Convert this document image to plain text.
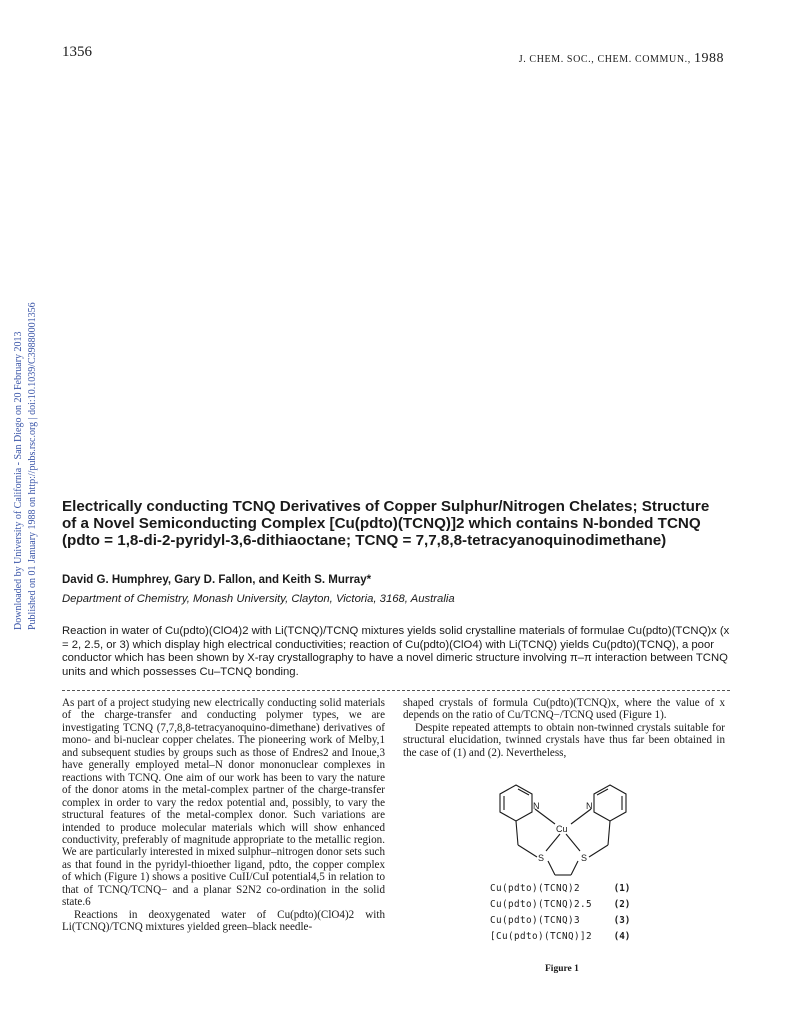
1356	J. CHEM. SOC., CHEM. COMMUN., 1988
Downloaded by University of California - San Diego on 20 February 2013 Published on 01 January 1988 on http://pubs.rsc.org | doi:10.1039/C39880001356 Electrically conducting TCNQ Derivatives of Copper Sulphur/Nitrogen Chelates; Structure of a Novel Semiconducting Complex [Cu(pdto)(TCNQ)]2 which contains N-bonded TCNQ (pdto = 1,8-di-2-pyridyl-3,6-dithiaoctane; TCNQ = 7,7,8,8-tetracyanoquinodimethane)
David G. Humphrey, Gary D. Fallon, and Keith S. Murray*
Department of Chemistry, Monash University, Clayton, Victoria, 3168, Australia
Reaction in water of Cu(pdto)(ClO4)2 with Li(TCNQ)/TCNQ mixtures yields solid crystalline materials of formulae Cu(pdto)(TCNQ)x (x = 2, 2.5, or 3) which display high electrical conductivities; reaction of Cu(pdto)(ClO4) with Li(TCNQ) yields Cu(pdto)(TCNQ), a poor conductor which has been shown by X-ray crystallography to have a novel dimeric structure involving π–π interaction between TCNQ units and which possesses Cu–TCNQ bonding.

As part of a project studying new electrically conducting solid materials of the charge-transfer and conducting polymer types, we are investigating TCNQ (7,7,8,8-tetracyanoquino-dimethane) derivatives of mono- and bi-nuclear copper chelates. The pioneering work of Melby,1 and subsequent studies by groups such as those of Endres2 and Inoue,3 have generally employed metal–N donor mononuclear complexes in reactions with TCNQ. One aim of our work has been to vary the nature of the donor atoms in the metal-complex partner of the charge-transfer complex in order to vary the redox potential and, possibly, to vary the structural features of the metal-complex donor. Such variations are intended to produce molecular materials which will show enhanced conductivity, preferably of magnitude appropriate to the metallic region. We are particularly interested in mixed sulphur–nitrogen donor sets such as that found in the pyridyl-thioether ligand, pdto, the copper complex of which (Figure 1) shows a positive CuII/CuI potential4,5 in relation to that of TCNQ/TCNQ− and a planar S2N2 co-ordination in the solid state.6

Reactions in deoxygenated water of Cu(pdto)(ClO4)2 with Li(TCNQ)/TCNQ mixtures yielded green–black needle-

shaped crystals of formula Cu(pdto)(TCNQ)x, where the value of x depends on the ratio of Cu/TCNQ−/TCNQ used (Figure 1).

Despite repeated attempts to obtain non-twinned crystals suitable for structural elucidation, twinned crystals have thus far been obtained in the case of (1) and (2). Nevertheless,

N	N
Cu
S	S
Cu(pdto)(TCNQ)2	(1)
Cu(pdto)(TCNQ)2.5 (2)
Cu(pdto)(TCNQ)3	(3)
[Cu(pdto)(TCNQ)]2 (4)
Figure 1
